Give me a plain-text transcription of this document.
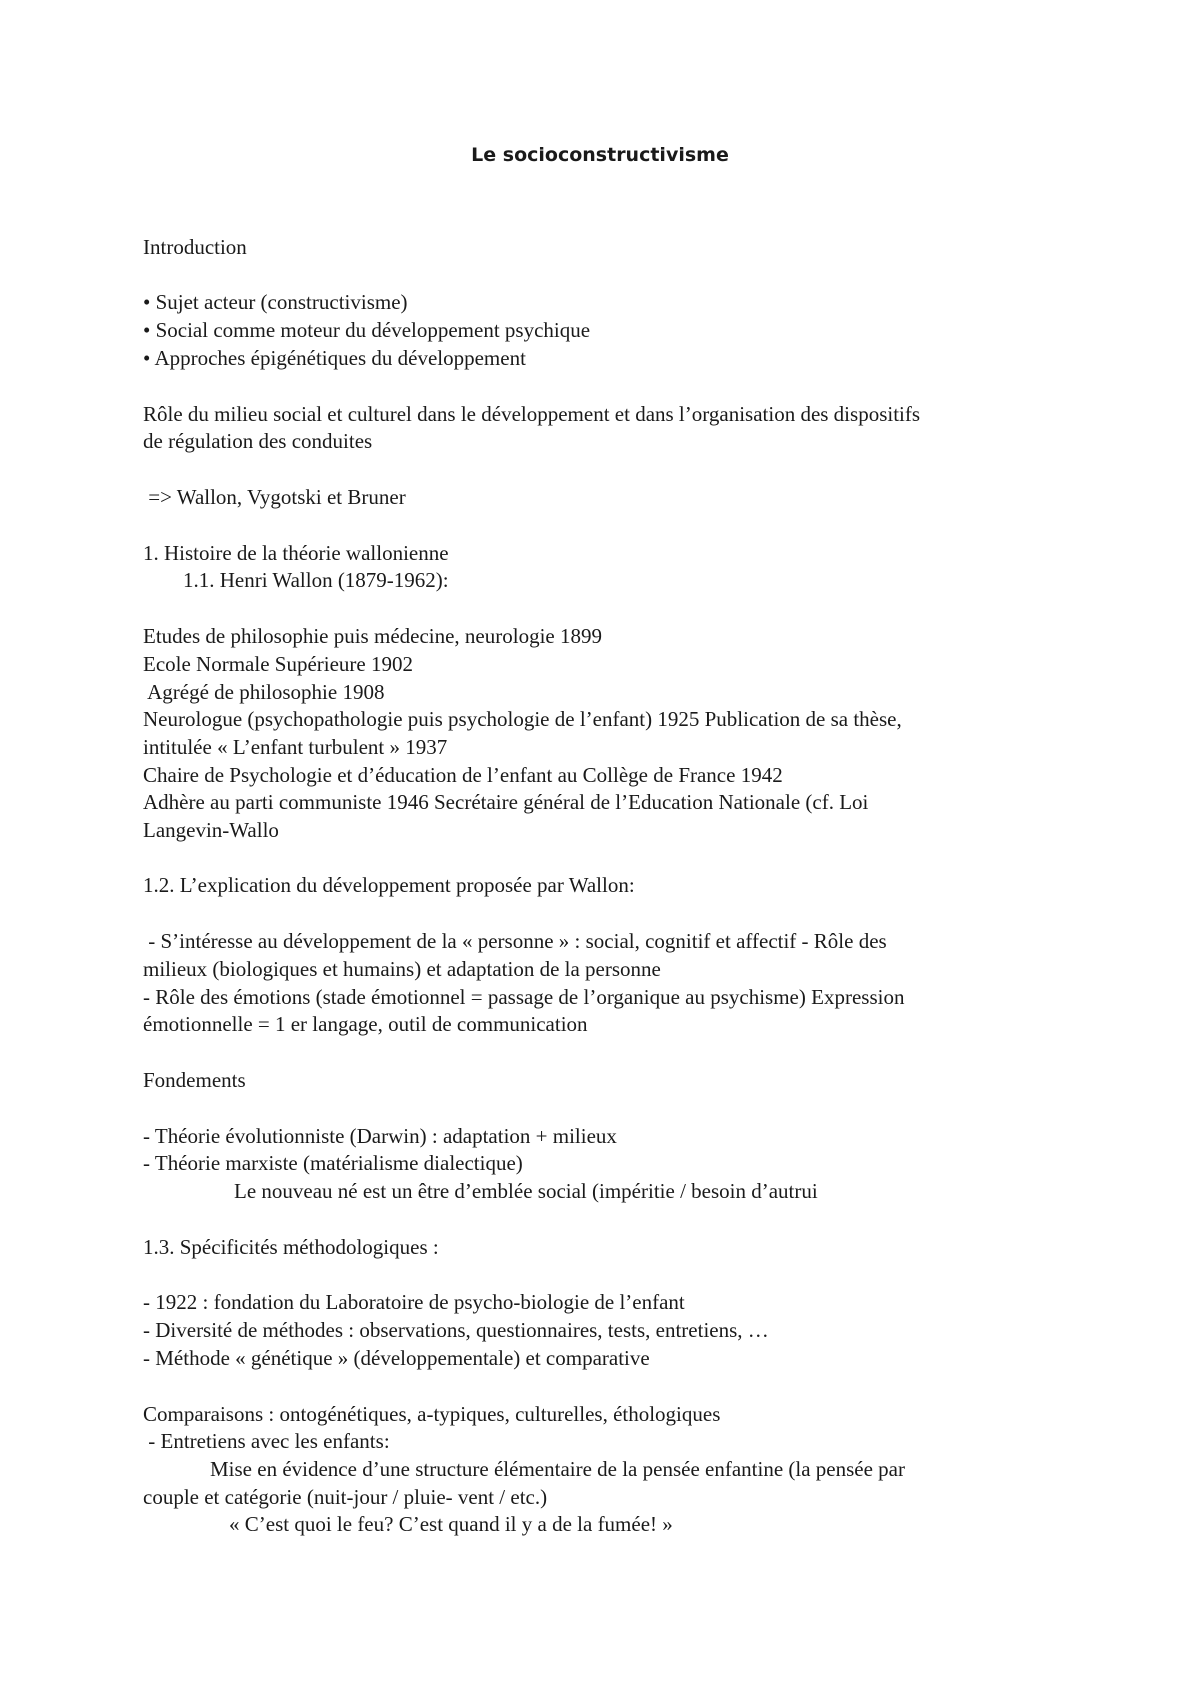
Le socioconstructivisme
Introduction
• Sujet acteur (constructivisme)
• Social comme moteur du développement psychique
• Approches épigénétiques du développement
Rôle du milieu social et culturel dans le développement et dans l’organisation des dispositifs
de régulation des conduites
=> Wallon, Vygotski et Bruner
1. Histoire de la théorie wallonienne
1.1. Henri Wallon (1879-1962):
Etudes de philosophie puis médecine, neurologie 1899
Ecole Normale Supérieure 1902
Agrégé de philosophie 1908
Neurologue (psychopathologie puis psychologie de l’enfant) 1925 Publication de sa thèse,
intitulée « L’enfant turbulent » 1937
Chaire de Psychologie et d’éducation de l’enfant au Collège de France 1942
Adhère au parti communiste 1946 Secrétaire général de l’Education Nationale (cf. Loi
Langevin-Wallo
1.2. L’explication du développement proposée par Wallon:
- S’intéresse au développement de la « personne » : social, cognitif et affectif - Rôle des
milieux (biologiques et humains) et adaptation de la personne
- Rôle des émotions (stade émotionnel = passage de l’organique au psychisme) Expression
émotionnelle = 1 er langage, outil de communication
Fondements
- Théorie évolutionniste (Darwin) : adaptation + milieux
- Théorie marxiste (matérialisme dialectique)
Le nouveau né est un être d’emblée social (impéritie / besoin d’autrui
1.3. Spécificités méthodologiques :
- 1922 : fondation du Laboratoire de psycho-biologie de l’enfant
- Diversité de méthodes : observations, questionnaires, tests, entretiens, …
- Méthode « génétique » (développementale) et comparative
Comparaisons : ontogénétiques, a-typiques, culturelles, éthologiques
- Entretiens avec les enfants:
Mise en évidence d’une structure élémentaire de la pensée enfantine (la pensée par
couple et catégorie (nuit-jour / pluie- vent / etc.)
« C’est quoi le feu? C’est quand il y a de la fumée! »
